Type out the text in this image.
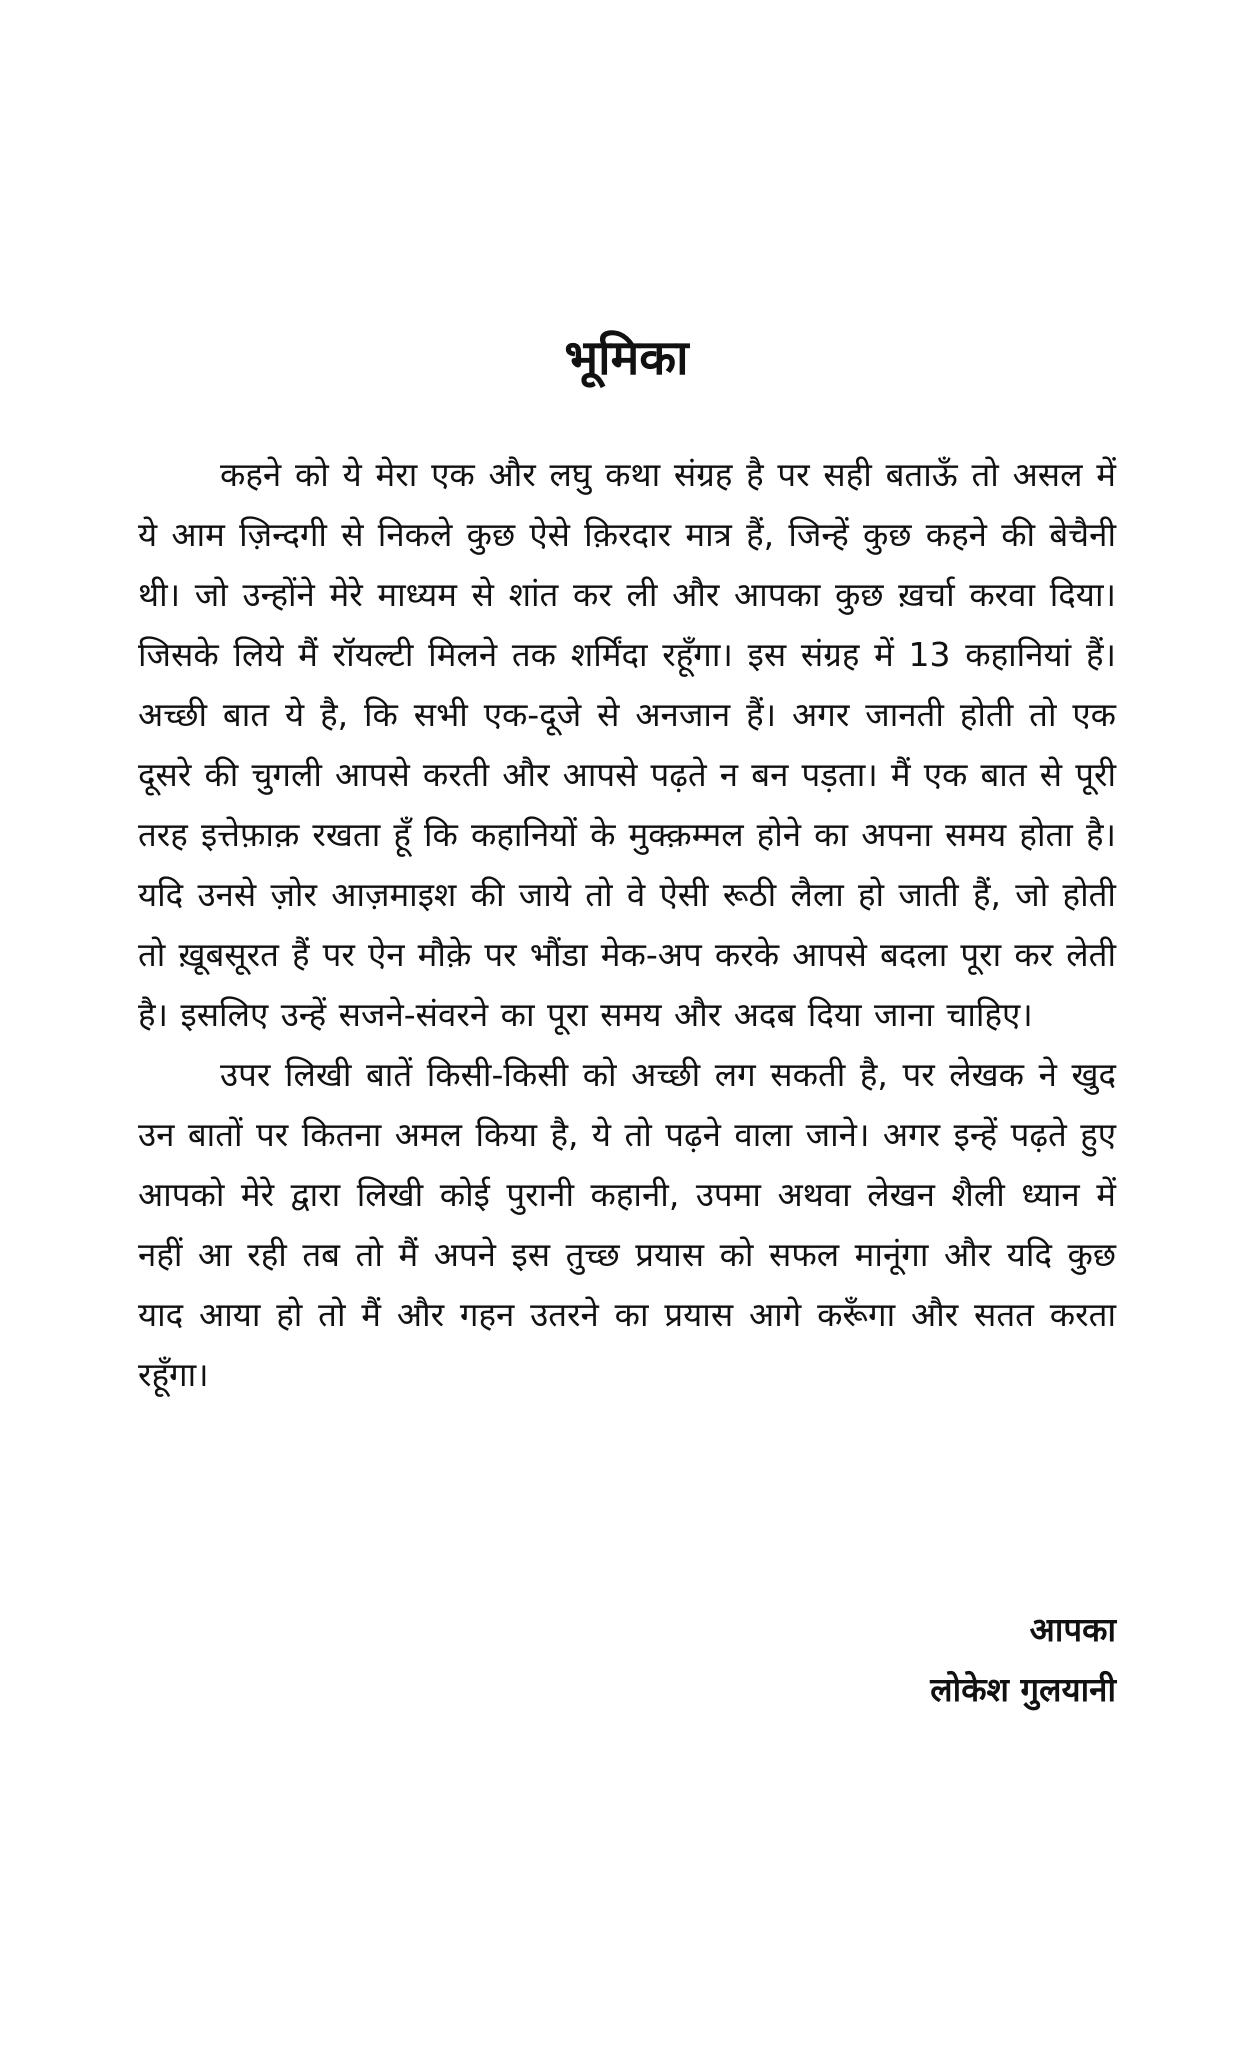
भूमिका

कहने को ये मेरा एक और लघु कथा संग्रह है पर सही बताऊँ तो असल में ये आम ज़िन्दगी से निकले कुछ ऐसे क़िरदार मात्र हैं, जिन्हें कुछ कहने की बेचैनी थी। जो उन्होंने मेरे माध्यम से शांत कर ली और आपका कुछ ख़र्चा करवा दिया। जिसके लिये मैं रॉयल्टी मिलने तक शर्मिंदा रहूँगा। इस संग्रह में 13 कहानियां हैं। अच्छी बात ये है, कि सभी एक-दूजे से अनजान हैं। अगर जानती होती तो एक दूसरे की चुगली आपसे करती और आपसे पढ़ते न बन पड़ता। मैं एक बात से पूरी तरह इत्तेफ़ाक़ रखता हूँ कि कहानियों के मुक्क़म्मल होने का अपना समय होता है। यदि उनसे ज़ोर आज़माइश की जाये तो वे ऐसी रूठी लैला हो जाती हैं, जो होती तो ख़ूबसूरत हैं पर ऐन मौक़े पर भौंडा मेक-अप करके आपसे बदला पूरा कर लेती है। इसलिए उन्हें सजने-संवरने का पूरा समय और अदब दिया जाना चाहिए।

उपर लिखी बातें किसी-किसी को अच्छी लग सकती है, पर लेखक ने खुद उन बातों पर कितना अमल किया है, ये तो पढ़ने वाला जाने। अगर इन्हें पढ़ते हुए आपको मेरे द्वारा लिखी कोई पुरानी कहानी, उपमा अथवा लेखन शैली ध्यान में नहीं आ रही तब तो मैं अपने इस तुच्छ प्रयास को सफल मानूंगा और यदि कुछ याद आया हो तो मैं और गहन उतरने का प्रयास आगे करूँगा और सतत करता रहूँगा।

आपका

लोकेश गुलयानी
